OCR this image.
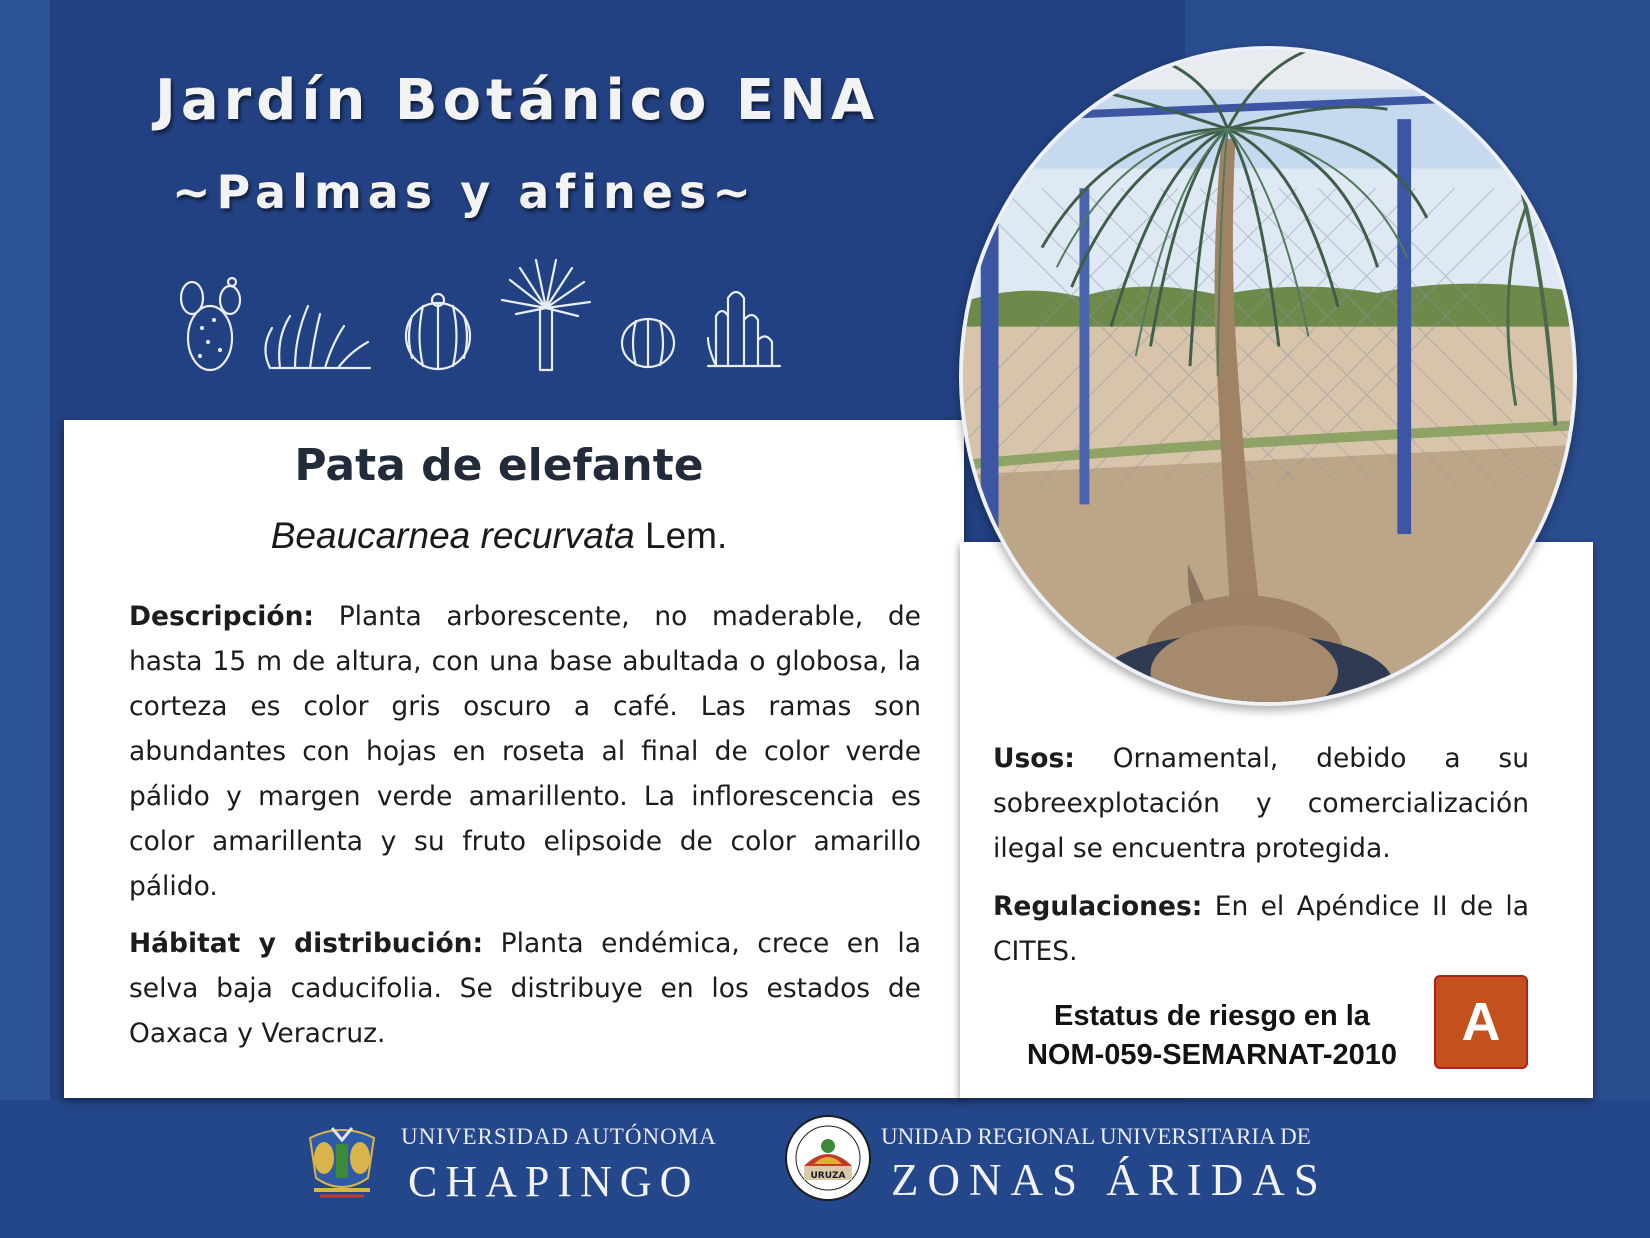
Jardín Botánico ENA
~Palmas y afines~
Pata de elefante

Beaucarnea recurvata Lem.

Descripción: Planta arborescente, no maderable, de hasta 15 m de altura, con una base abultada o globosa, la corteza es color gris oscuro a café. Las ramas son abundantes con hojas en roseta al final de color verde pálido y margen verde amarillento. La inflorescencia es color amarillenta y su fruto elipsoide de color amarillo pálido.

Hábitat y distribución: Planta endémica, crece en la selva baja caducifolia. Se distribuye en los estados de Oaxaca y Veracruz.

Usos: Ornamental, debido a su sobreexplotación y comercialización ilegal se encuentra protegida.

Regulaciones: En el Apéndice II de la CITES.

Estatus de riesgo en la
NOM-059-SEMARNAT-2010

A

UNIVERSIDAD AUTÓNOMA

CHAPINGO	URUZA

UNIDAD REGIONAL UNIVERSITARIA DE

ZONAS ÁRIDAS
